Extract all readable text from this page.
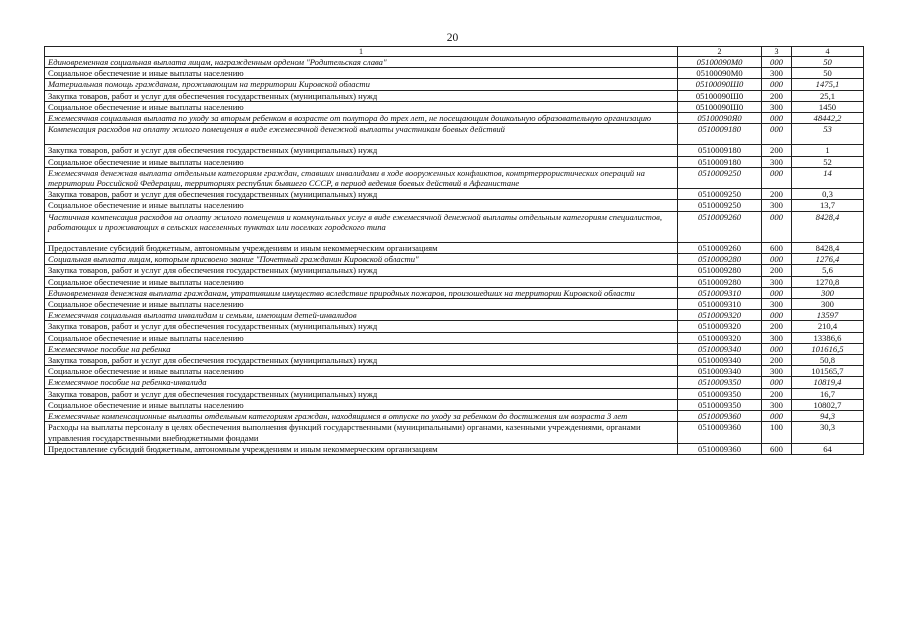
20
1	2	3	4
Единовременная социальная выплата лицам, награжденным орденом "Родительская слава"	05100090М0	000	50
Социальное обеспечение и иные выплаты населению	05100090М0	300	50
Материальная помощь гражданам, проживающим на территории Кировской области	05100090Ш0	000	1475,1
Закупка товаров, работ и услуг для обеспечения государственных (муниципальных) нужд	05100090Ш0	200	25,1
Социальное обеспечение и иные выплаты населению	05100090Ш0	300	1450
Ежемесячная социальная выплата по уходу за вторым ребенком в возрасте от полутора до трех лет, не посещающим дошкольную образовательную организацию	05100090Я0	000	48442,2
Компенсация расходов на оплату жилого помещения в виде ежемесячной денежной выплаты участникам боевых действий	0510009180	000	53
Закупка товаров, работ и услуг для обеспечения государственных (муниципальных) нужд	0510009180	200	1
Социальное обеспечение и иные выплаты населению	0510009180	300	52
Ежемесячная денежная выплата отдельным категориям граждан, ставших инвалидами в ходе вооруженных конфликтов, контртеррористических операций на территории Российской Федерации, территориях республик бывшего СССР, в период ведения боевых действий в Афганистане	0510009250	000	14
Закупка товаров, работ и услуг для обеспечения государственных (муниципальных) нужд	0510009250	200	0,3
Социальное обеспечение и иные выплаты населению	0510009250	300	13,7
Частичная компенсация расходов на оплату жилого помещения и коммунальных услуг в виде ежемесячной денежной выплаты отдельным категориям специалистов, работающих и проживающих в сельских населенных пунктах или поселках городского типа	0510009260	000	8428,4
Предоставление субсидий бюджетным, автономным учреждениям и иным некоммерческим организациям	0510009260	600	8428,4
Социальная выплата лицам, которым присвоено звание "Почетный гражданин Кировской области"	0510009280	000	1276,4
Закупка товаров, работ и услуг для обеспечения государственных (муниципальных) нужд	0510009280	200	5,6
Социальное обеспечение и иные выплаты населению	0510009280	300	1270,8
Единовременная денежная выплата гражданам, утратившим имущество вследствие природных пожаров, произошедших на территории Кировской области	0510009310	000	300
Социальное обеспечение и иные выплаты населению	0510009310	300	300
Ежемесячная социальная выплата инвалидам и семьям, имеющим детей-инвалидов	0510009320	000	13597
Закупка товаров, работ и услуг для обеспечения государственных (муниципальных) нужд	0510009320	200	210,4
Социальное обеспечение и иные выплаты населению	0510009320	300	13386,6
Ежемесячное пособие на ребенка	0510009340	000	101616,5
Закупка товаров, работ и услуг для обеспечения государственных (муниципальных) нужд	0510009340	200	50,8
Социальное обеспечение и иные выплаты населению	0510009340	300	101565,7
Ежемесячное пособие на ребенка-инвалида	0510009350	000	10819,4
Закупка товаров, работ и услуг для обеспечения государственных (муниципальных) нужд	0510009350	200	16,7
Социальное обеспечение и иные выплаты населению	0510009350	300	10802,7
Ежемесячные компенсационные выплаты отдельным категориям граждан, находящимся в отпуске по уходу за ребенком до достижения им возраста 3 лет	0510009360	000	94,3
Расходы на выплаты персоналу в целях обеспечения выполнения функций государственными (муниципальными) органами, казенными учреждениями, органами управления государственными внебюджетными фондами	0510009360	100	30,3
Предоставление субсидий бюджетным, автономным учреждениям и иным некоммерческим организациям	0510009360	600	64
